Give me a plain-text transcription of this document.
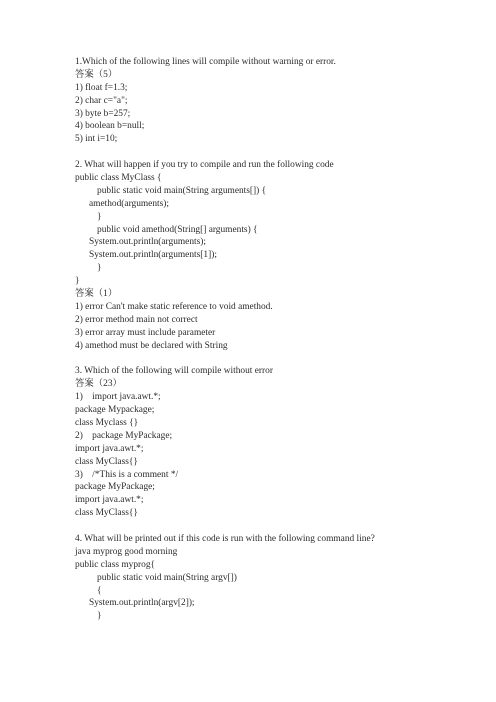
1.Which of the following lines will compile without warning or error.
答案（5）
1) float f=1.3;
2) char c="a";
3) byte b=257;
4) boolean b=null;
5) int i=10;
2. What will happen if you try to compile and run the following code
public class MyClass {
public static void main(String arguments[]) {
amethod(arguments);
}
public void amethod(String[] arguments) {
System.out.println(arguments);
System.out.println(arguments[1]);
}
}
答案（1）
1) error Can't make static reference to void amethod.
2) error method main not correct
3) error array must include parameter
4) amethod must be declared with String
3. Which of the following will compile without error
答案（23）
1)    import java.awt.*;
package Mypackage;
class Myclass {}
2)    package MyPackage;
import java.awt.*;
class MyClass{}
3)    /*This is a comment */
package MyPackage;
import java.awt.*;
class MyClass{}
4. What will be printed out if this code is run with the following command line?
java myprog good morning
public class myprog{
public static void main(String argv[])
{
System.out.println(argv[2]);
}
